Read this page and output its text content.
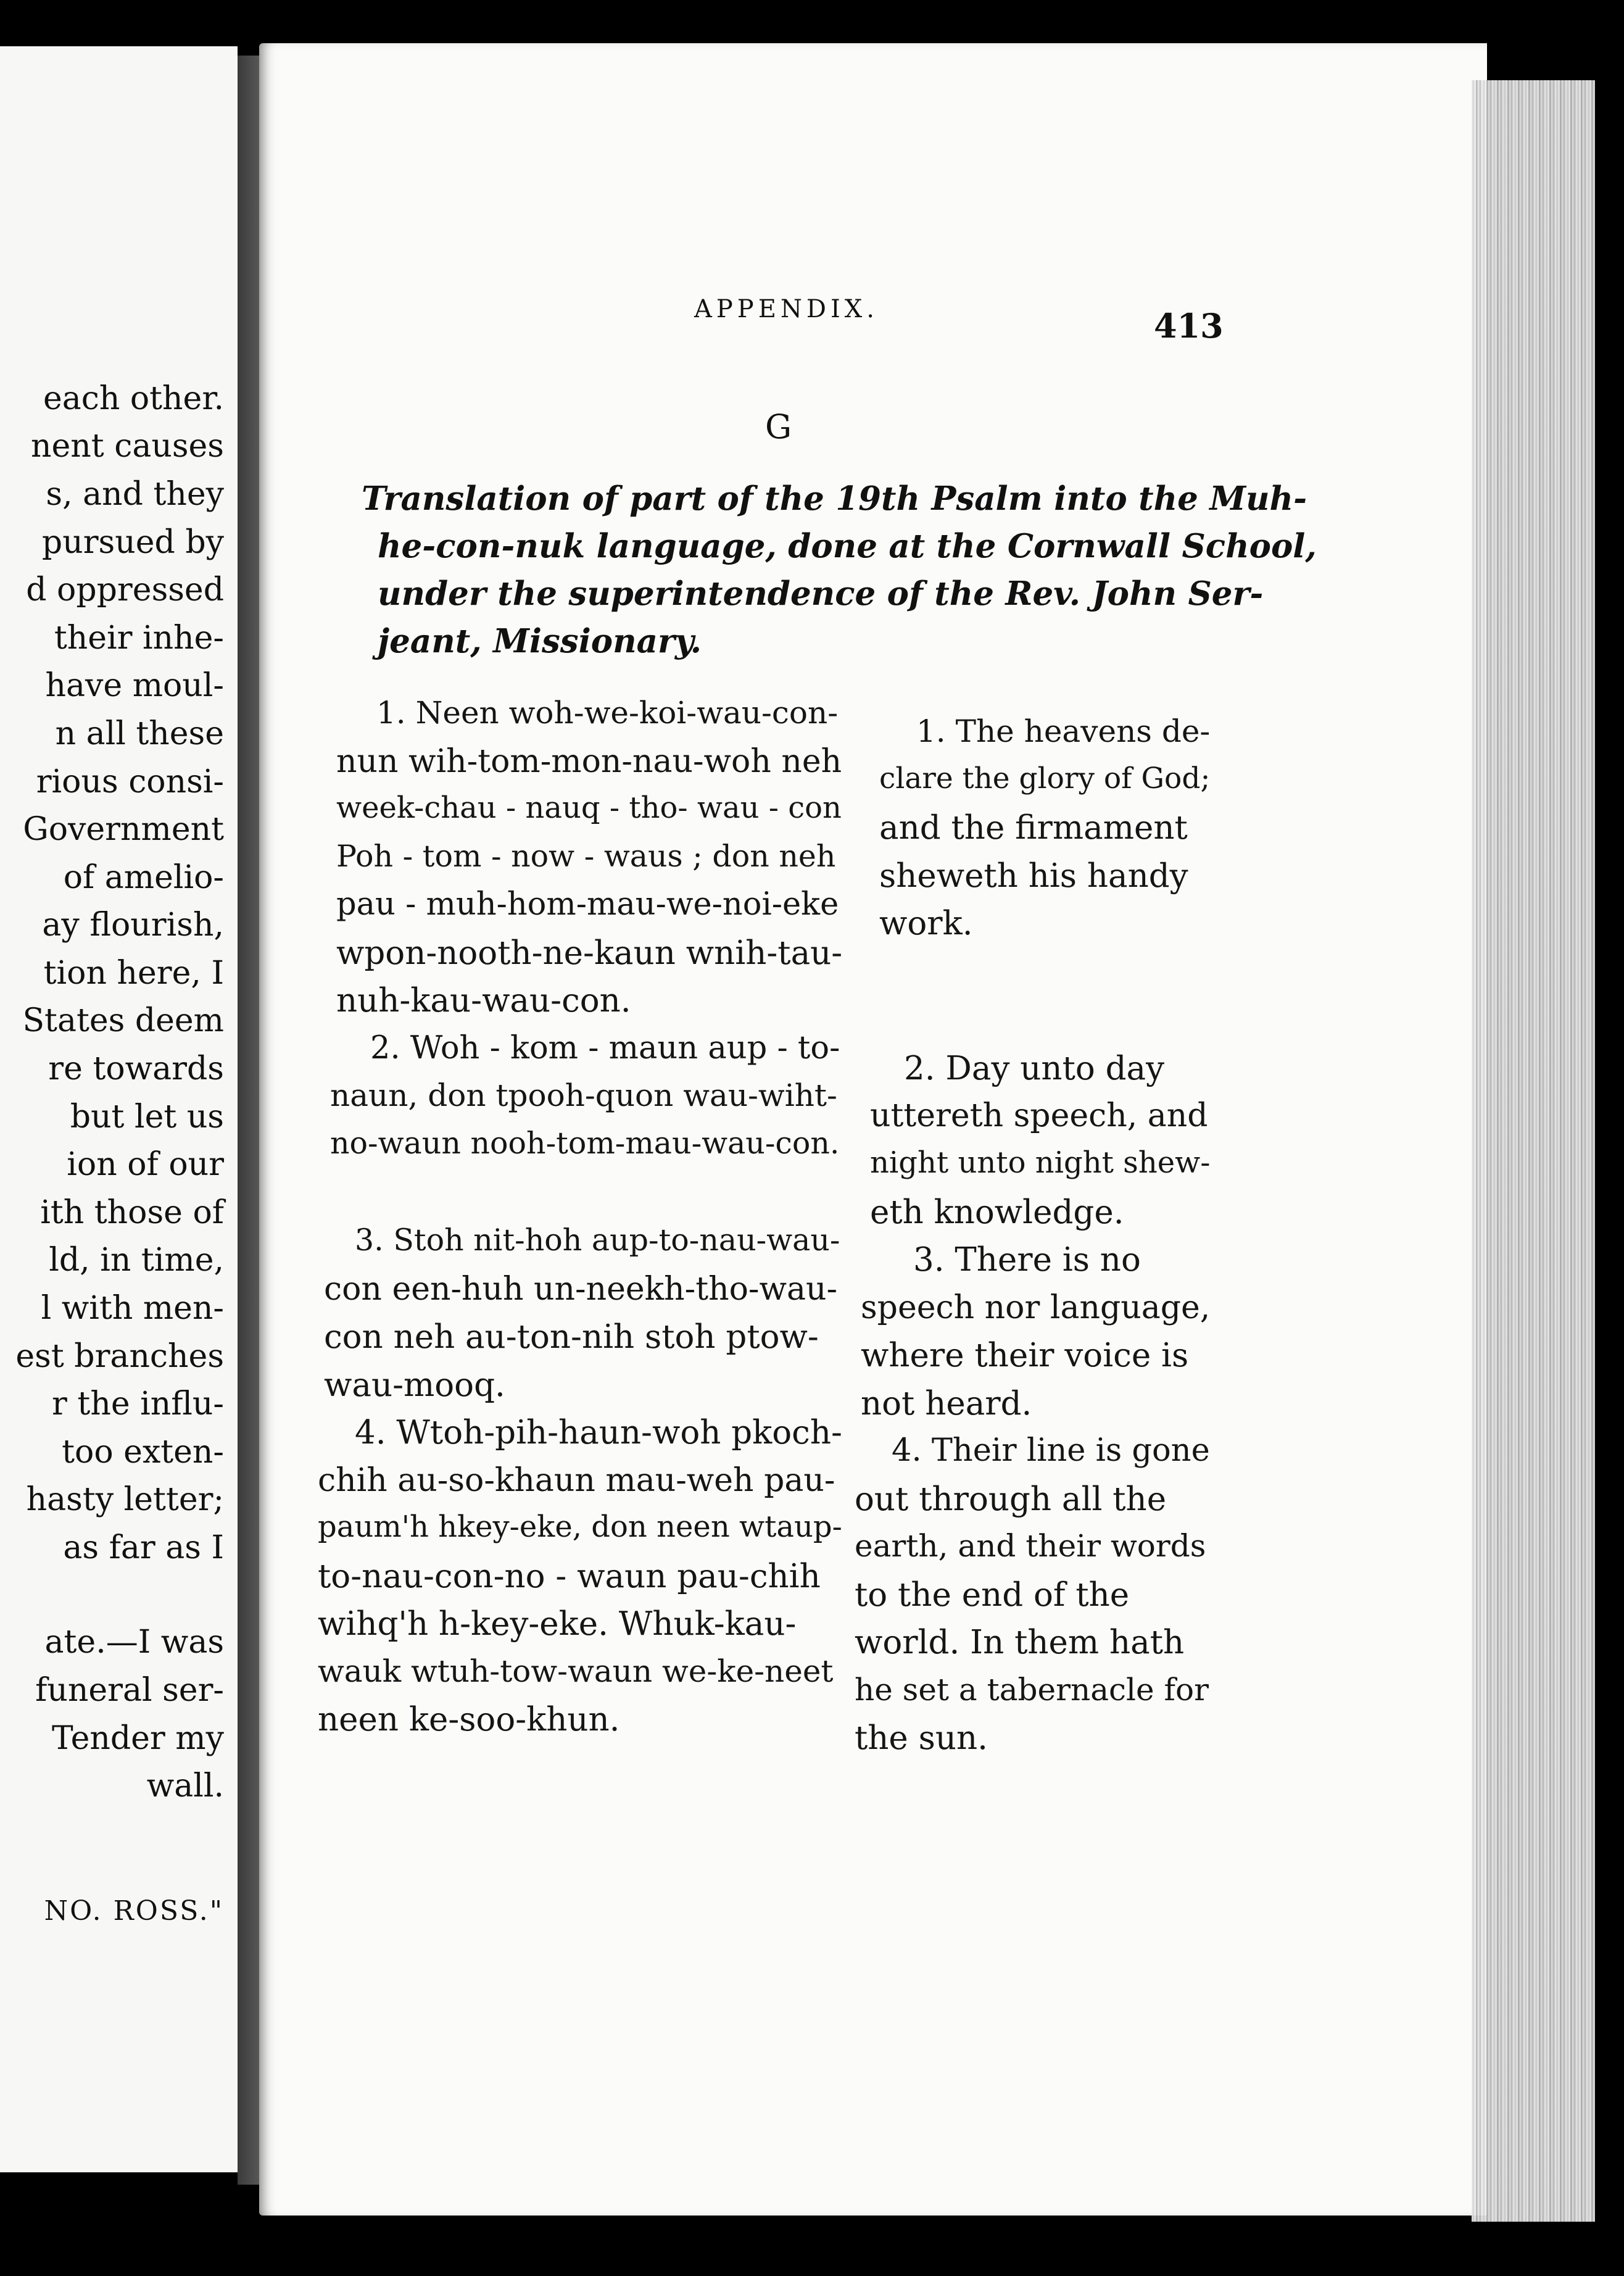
each other.
nent causes
s, and they
pursued by
d oppressed
their inhe-
have moul-
n all these
rious consi-
Government
of amelio-
ay flourish,
tion here, I
States deem
re towards
but let us
ion of our
ith those of
ld, in time,
l with men-
est branches
r the influ-
too exten-
hasty letter;
as far as I
ate.—I was
funeral ser-
Tender my
wall.
NO. ROSS."
APPENDIX.	413
G
Translation of part of the 19th Psalm into the Muh-
he-con-nuk language, done at the Cornwall School,
under the superintendence of the Rev. John Ser-
jeant, Missionary.
1. Neen woh-we-koi-wau-con-
nun wih-tom-mon-nau-woh neh
week-chau - nauq - tho- wau - con
Poh - tom - now - waus ; don neh
pau - muh-hom-mau-we-noi-eke
wpon-nooth-ne-kaun wnih-tau-
nuh-kau-wau-con.
2. Woh - kom - maun aup - to-
naun, don tpooh-quon wau-wiht-
no-waun nooh-tom-mau-wau-con.
3. Stoh nit-hoh aup-to-nau-wau-
con een-huh un-neekh-tho-wau-
con neh au-ton-nih stoh ptow-
wau-mooq.
4. Wtoh-pih-haun-woh pkoch-
chih au-so-khaun mau-weh pau-
paum'h hkey-eke, don neen wtaup-
to-nau-con-no - waun pau-chih
wihq'h h-key-eke. Whuk-kau-
wauk wtuh-tow-waun we-ke-neet
neen ke-soo-khun.
1. The heavens de-
clare the glory of God;
and the firmament
sheweth his handy
work.
2. Day unto day
uttereth speech, and
night unto night shew-
eth knowledge.
3. There is no
speech nor language,
where their voice is
not heard.
4. Their line is gone
out through all the
earth, and their words
to the end of the
world. In them hath
he set a tabernacle for
the sun.
